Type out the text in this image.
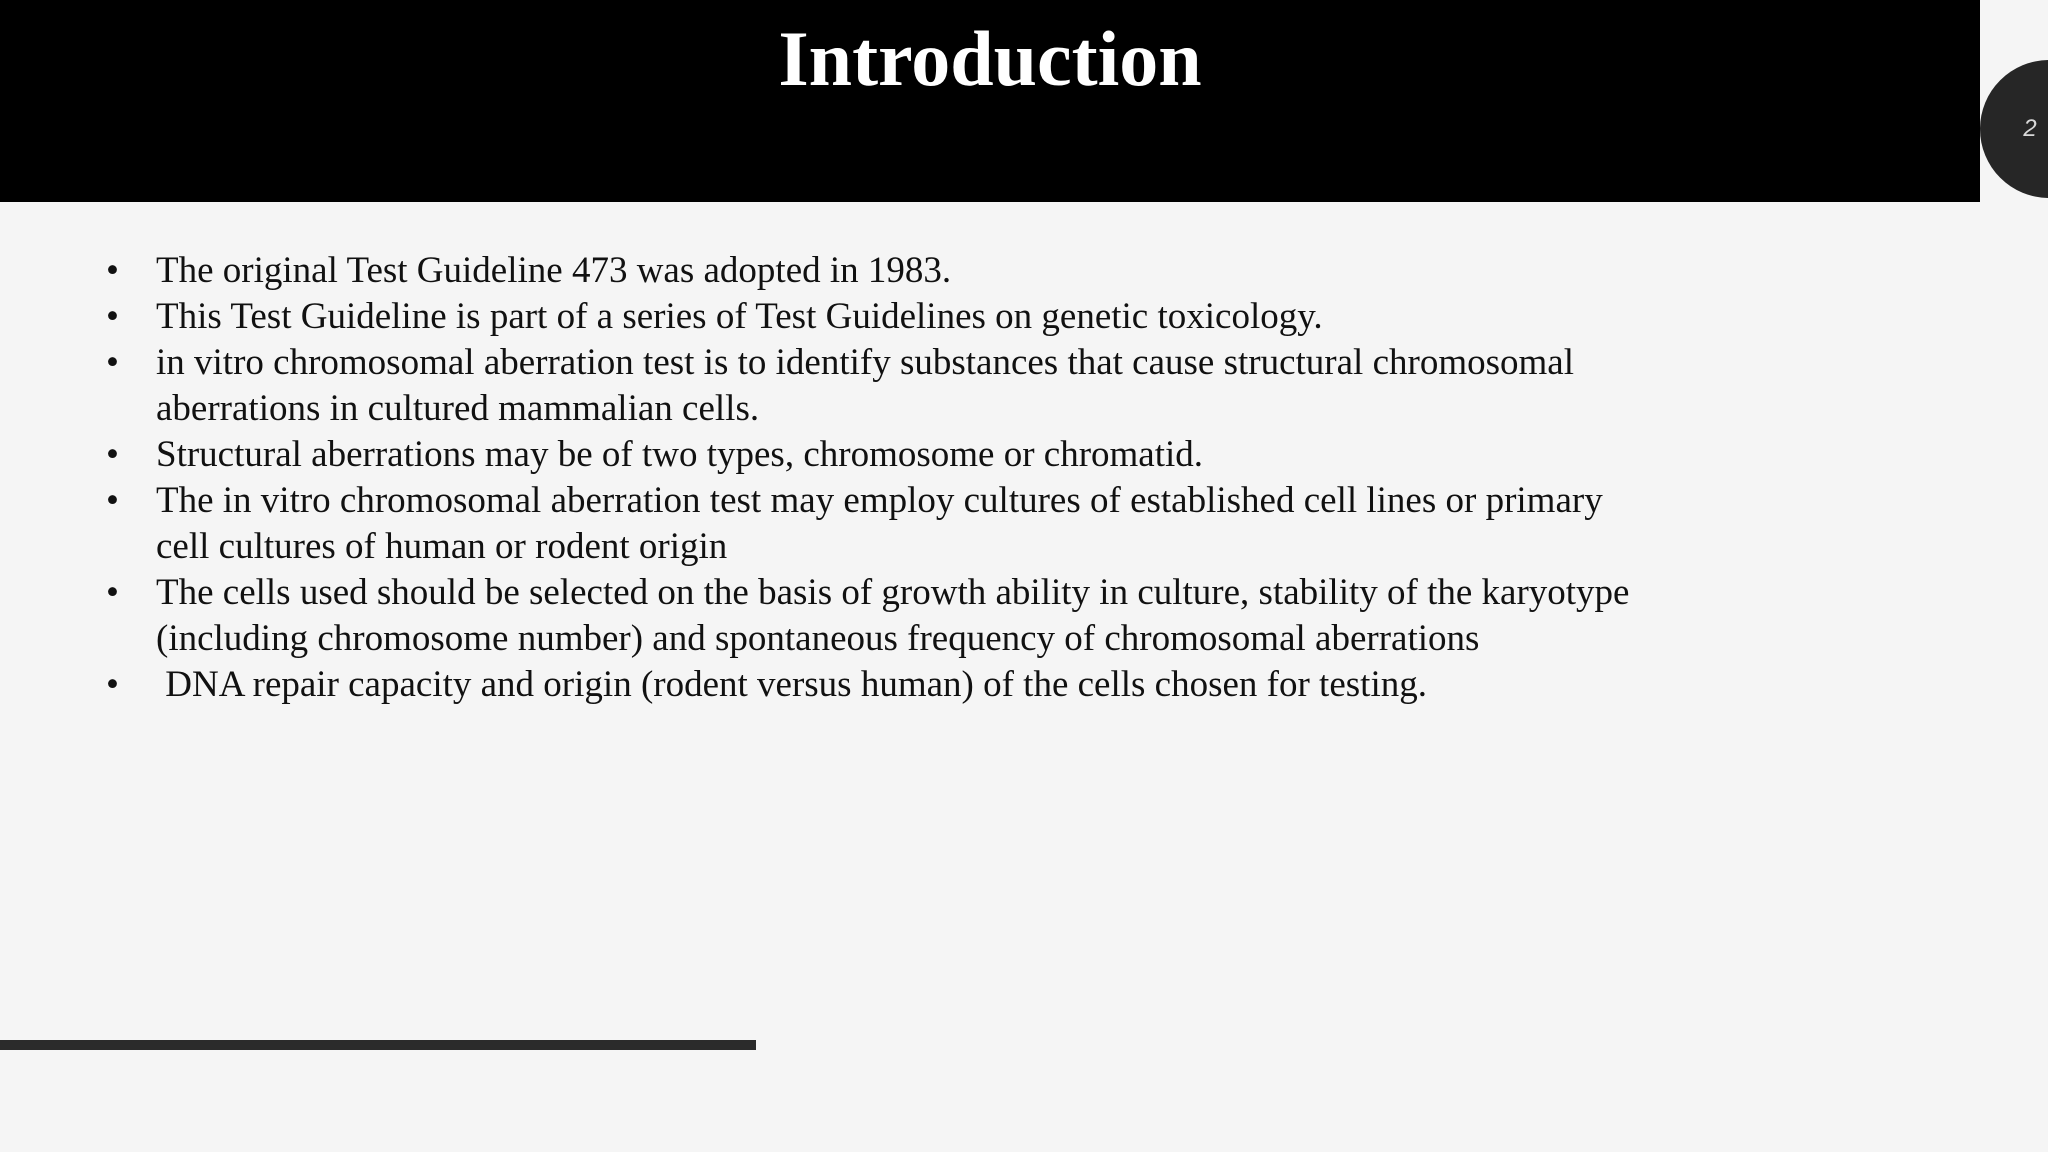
Introduction
2
•	The original Test Guideline 473 was adopted in 1983.
•	This Test Guideline is part of a series of Test Guidelines on genetic toxicology.
•	in vitro chromosomal aberration test is to identify substances that cause structural chromosomal aberrations in cultured mammalian cells.
•	Structural aberrations may be of two types, chromosome or chromatid.
•	The in vitro chromosomal aberration test may employ cultures of established cell lines or primary cell cultures of human or rodent origin
•	The cells used should be selected on the basis of growth ability in culture, stability of the karyotype (including chromosome number) and spontaneous frequency of chromosomal aberrations
•	DNA repair capacity and origin (rodent versus human) of the cells chosen for testing.
